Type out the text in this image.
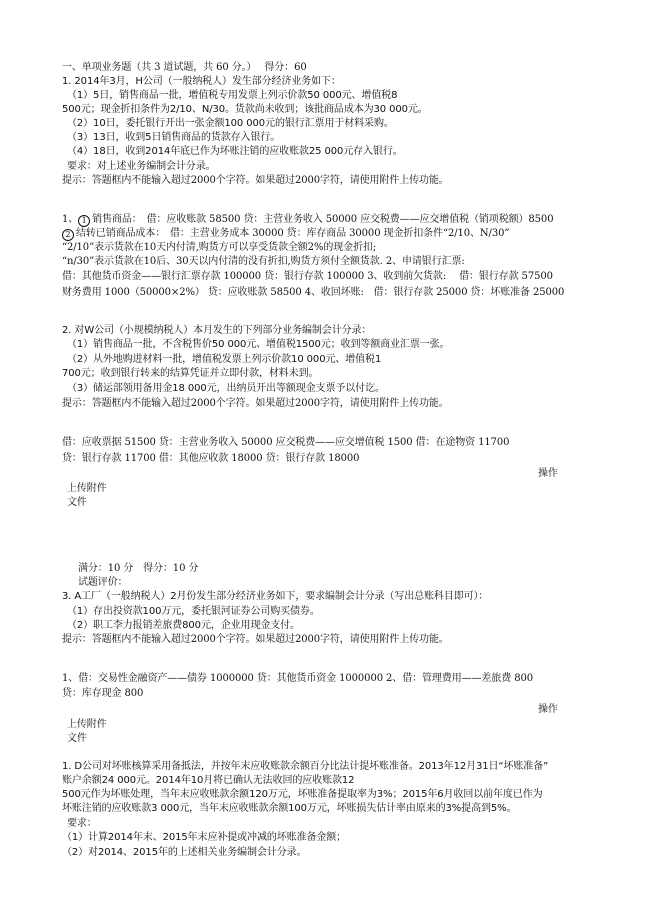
一、单项业务题（共 3 道试题，共 60 分。）　 得分：60
1. 2014年3月，H公司（一般纳税人）发生部分经济业务如下：
（1）5日，销售商品一批，增值税专用发票上列示价款50 000元、增值税8
500元；现金折扣条件为2/10、N/30。货款尚未收到；该批商品成本为30 000元。
（2）10日，委托银行开出一张金额100 000元的银行汇票用于材料采购。
（3）13日，收到5日销售商品的货款存入银行。
（4）18日，收到2014年底已作为坏账注销的应收账款25 000元存入银行。
要求：对上述业务编制会计分录。
提示：答题框内不能输入超过2000个字符。如果超过2000字符，请使用附件上传功能。
1、 1 销售商品：　借：应收账款 58500 贷：主营业务收入 50000 应交税费——应交增值税（销项税额）8500
2 结转已销商品成本：　借：主营业务成本 30000 贷：库存商品 30000 现金折扣条件“2/10、N/30”
“2/10”表示货款在10天内付清,购货方可以享受货款全额2%的现金折扣;
“n/30”表示货款在10后、30天以内付清的没有折扣,购货方须付全额货款. 2、申请银行汇票:
借：其他货币资金——银行汇票存款 100000 贷：银行存款 100000 3、收到前欠货款:　 借：银行存款 57500
财务费用 1000（50000×2%） 贷：应收账款 58500 4、收回坏账:　借：银行存款 25000 贷：坏账准备 25000
2. 对W公司（小规模纳税人）本月发生的下列部分业务编制会计分录：
（1）销售商品一批，不含税售价50 000元、增值税1500元；收到等额商业汇票一张。
（2）从外地购进材料一批，增值税发票上列示价款10 000元、增值税1
700元；收到银行转来的结算凭证并立即付款，材料未到。
（3）储运部领用备用金18 000元，出纳员开出等额现金支票予以付讫。
提示：答题框内不能输入超过2000个字符。如果超过2000字符，请使用附件上传功能。
借：应收票据 51500 贷：主营业务收入 50000 应交税费——应交增值税 1500 借：在途物资 11700
贷：银行存款 11700 借：其他应收款 18000 贷：银行存款 18000
操作
上传附件
文件
满分：10 分　得分：10 分
试题评价：
3. A工厂（一般纳税人）2月份发生部分经济业务如下，要求编制会计分录（写出总账科目即可）：
（1）存出投资款100万元，委托银河证券公司购买债券。
（2）职工李力报销差旅费800元，企业用现金支付。
提示：答题框内不能输入超过2000个字符。如果超过2000字符，请使用附件上传功能。
1、借：交易性金融资产——债券 1000000 贷：其他货币资金 1000000 2、借：管理费用——差旅费 800
贷：库存现金 800
操作
上传附件
文件
1. D公司对坏账核算采用备抵法，并按年末应收账款余额百分比法计提坏账准备。2013年12月31日“坏账准备”
账户余额24 000元。2014年10月将已确认无法收回的应收账款12
500元作为坏账处理，当年末应收账款余额120万元，坏账准备提取率为3%；2015年6月收回以前年度已作为
坏账注销的应收账款3 000元，当年末应收账款余额100万元，坏账损失估计率由原来的3%提高到5%。
要求：
（1）计算2014年末、2015年末应补提或冲减的坏账准备金额；
（2）对2014、2015年的上述相关业务编制会计分录。
